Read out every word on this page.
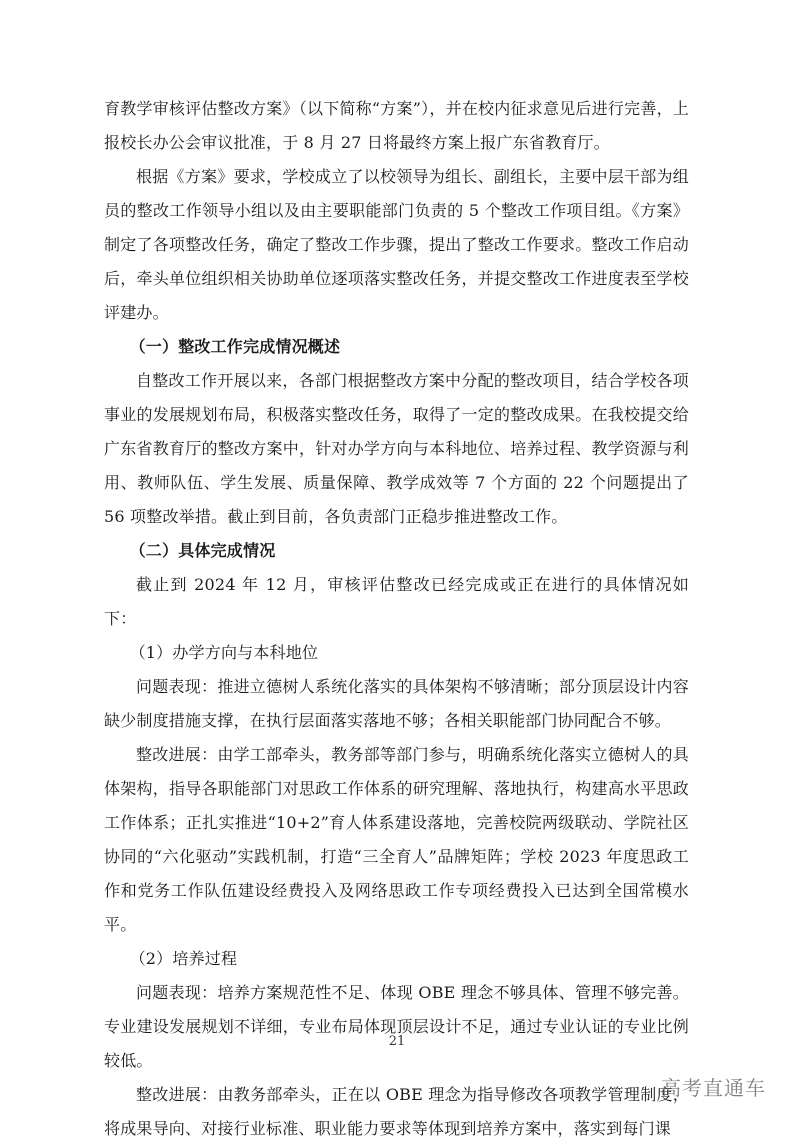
育教学审核评估整改方案》（以下简称“方案”），并在校内征求意见后进行完善，上报校长办公会审议批准，于 8 月 27 日将最终方案上报广东省教育厅。

根据《方案》要求，学校成立了以校领导为组长、副组长，主要中层干部为组员的整改工作领导小组以及由主要职能部门负责的 5 个整改工作项目组。《方案》制定了各项整改任务，确定了整改工作步骤，提出了整改工作要求。整改工作启动后，牵头单位组织相关协助单位逐项落实整改任务，并提交整改工作进度表至学校评建办。

（一）整改工作完成情况概述

自整改工作开展以来，各部门根据整改方案中分配的整改项目，结合学校各项事业的发展规划布局，积极落实整改任务，取得了一定的整改成果。在我校提交给广东省教育厅的整改方案中，针对办学方向与本科地位、培养过程、教学资源与利用、教师队伍、学生发展、质量保障、教学成效等 7 个方面的 22 个问题提出了 56 项整改举措。截止到目前，各负责部门正稳步推进整改工作。

（二）具体完成情况

截止到 2024 年 12 月，审核评估整改已经完成或正在进行的具体情况如下：

（1）办学方向与本科地位

问题表现：推进立德树人系统化落实的具体架构不够清晰；部分顶层设计内容缺少制度措施支撑，在执行层面落实落地不够；各相关职能部门协同配合不够。

整改进展：由学工部牵头，教务部等部门参与，明确系统化落实立德树人的具体架构，指导各职能部门对思政工作体系的研究理解、落地执行，构建高水平思政工作体系；正扎实推进“10+2”育人体系建设落地，完善校院两级联动、学院社区协同的“六化驱动”实践机制，打造“三全育人”品牌矩阵；学校 2023 年度思政工作和党务工作队伍建设经费投入及网络思政工作专项经费投入已达到全国常模水平。

（2）培养过程

问题表现：培养方案规范性不足、体现 OBE 理念不够具体、管理不够完善。专业建设发展规划不详细，专业布局体现顶层设计不足，通过专业认证的专业比例较低。

整改进展：由教务部牵头，正在以 OBE 理念为指导修改各项教学管理制度，将成果导向、对接行业标准、职业能力要求等体现到培养方案中，落实到每门课

21
高考直通车
